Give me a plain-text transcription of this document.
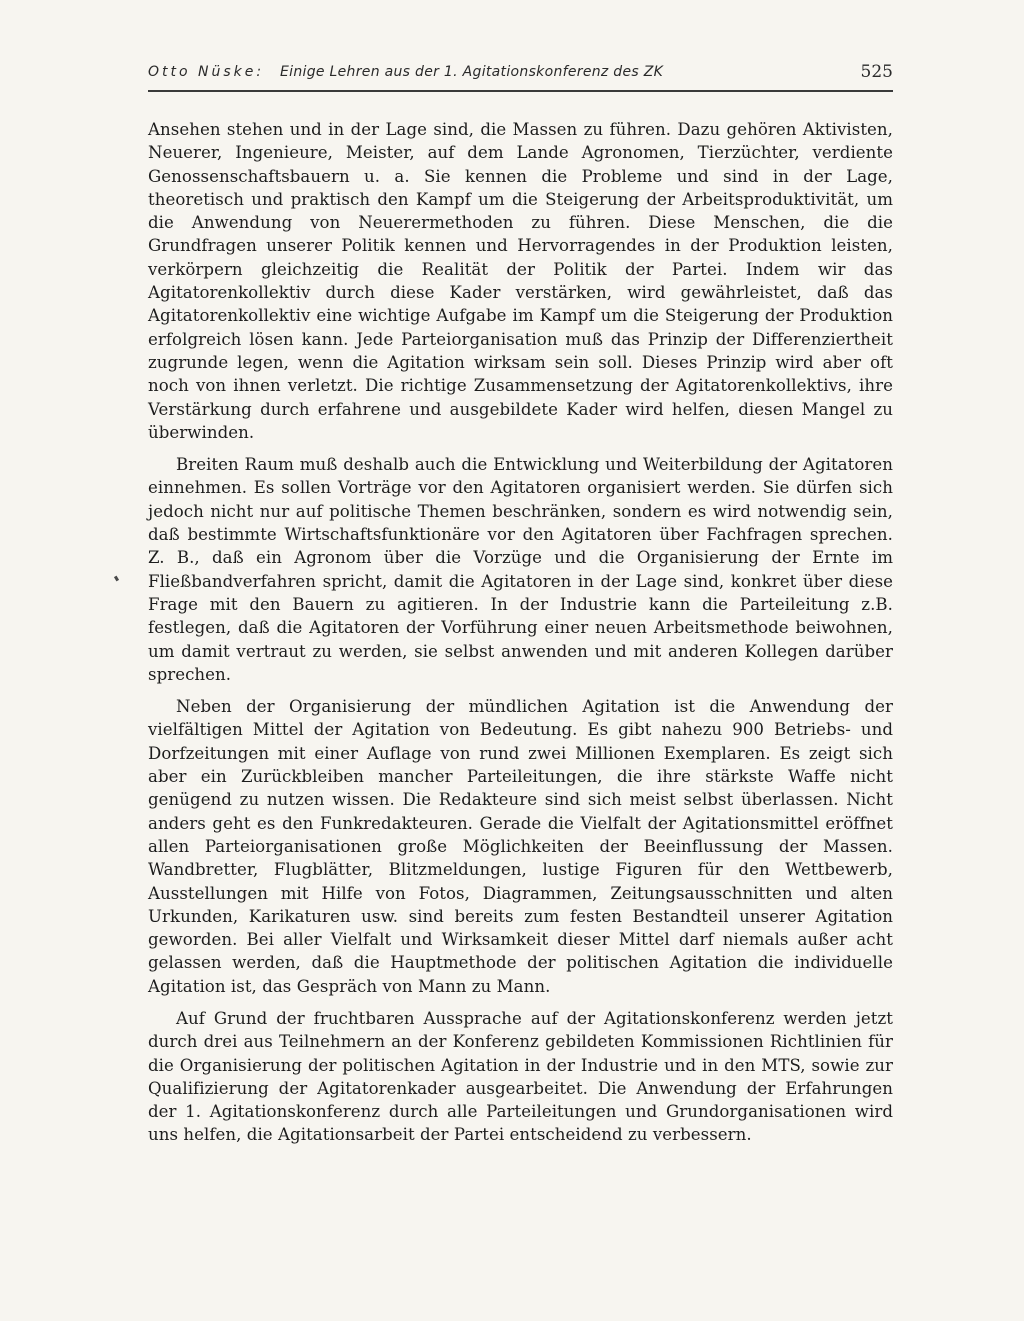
Otto Nüske: Einige Lehren aus der 1. Agitationskonferenz des ZK	525

Ansehen stehen und in der Lage sind, die Massen zu führen. Dazu gehören Aktivisten, Neuerer, Ingenieure, Meister, auf dem Lande Agronomen, Tierzüchter, verdiente Genossenschaftsbauern u. a. Sie kennen die Probleme und sind in der Lage, theoretisch und praktisch den Kampf um die Steigerung der Arbeitsproduktivität, um die Anwendung von Neuerermethoden zu führen. Diese Menschen, die die Grundfragen unserer Politik kennen und Hervorragendes in der Produktion leisten, verkörpern gleichzeitig die Realität der Politik der Partei. Indem wir das Agitatorenkollektiv durch diese Kader verstärken, wird gewährleistet, daß das Agitatorenkollektiv eine wichtige Aufgabe im Kampf um die Steigerung der Produktion erfolgreich lösen kann. Jede Parteiorganisation muß das Prinzip der Differenziertheit zugrunde legen, wenn die Agitation wirksam sein soll. Dieses Prinzip wird aber oft noch von ihnen verletzt. Die richtige Zusammensetzung der Agitatorenkollektivs, ihre Verstärkung durch erfahrene und ausgebildete Kader wird helfen, diesen Mangel zu überwinden.

Breiten Raum muß deshalb auch die Entwicklung und Weiterbildung der Agitatoren einnehmen. Es sollen Vorträge vor den Agitatoren organisiert werden. Sie dürfen sich jedoch nicht nur auf politische Themen beschränken, sondern es wird notwendig sein, daß bestimmte Wirtschaftsfunktionäre vor den Agitatoren über Fachfragen sprechen. Z. B., daß ein Agronom über die Vorzüge und die Organisierung der Ernte im Fließbandverfahren spricht, damit die Agitatoren in der Lage sind, konkret über diese Frage mit den Bauern zu agitieren. In der Industrie kann die Parteileitung z.B. festlegen, daß die Agitatoren der Vorführung einer neuen Arbeitsmethode beiwohnen, um damit vertraut zu werden, sie selbst anwenden und mit anderen Kollegen darüber sprechen.

Neben der Organisierung der mündlichen Agitation ist die Anwendung der vielfältigen Mittel der Agitation von Bedeutung. Es gibt nahezu 900 Betriebs- und Dorfzeitungen mit einer Auflage von rund zwei Millionen Exemplaren. Es zeigt sich aber ein Zurückbleiben mancher Parteileitungen, die ihre stärkste Waffe nicht genügend zu nutzen wissen. Die Redakteure sind sich meist selbst überlassen. Nicht anders geht es den Funkredakteuren. Gerade die Vielfalt der Agitationsmittel eröffnet allen Parteiorganisationen große Möglichkeiten der Beeinflussung der Massen. Wandbretter, Flugblätter, Blitzmeldungen, lustige Figuren für den Wettbewerb, Ausstellungen mit Hilfe von Fotos, Diagrammen, Zeitungsausschnitten und alten Urkunden, Karikaturen usw. sind bereits zum festen Bestandteil unserer Agitation geworden. Bei aller Vielfalt und Wirksamkeit dieser Mittel darf niemals außer acht gelassen werden, daß die Hauptmethode der politischen Agitation die individuelle Agitation ist, das Gespräch von Mann zu Mann.

Auf Grund der fruchtbaren Aussprache auf der Agitationskonferenz werden jetzt durch drei aus Teilnehmern an der Konferenz gebildeten Kommissionen Richtlinien für die Organisierung der politischen Agitation in der Industrie und in den MTS, sowie zur Qualifizierung der Agitatorenkader ausgearbeitet. Die Anwendung der Erfahrungen der 1. Agitationskonferenz durch alle Parteileitungen und Grundorganisationen wird uns helfen, die Agitationsarbeit der Partei entscheidend zu verbessern.
